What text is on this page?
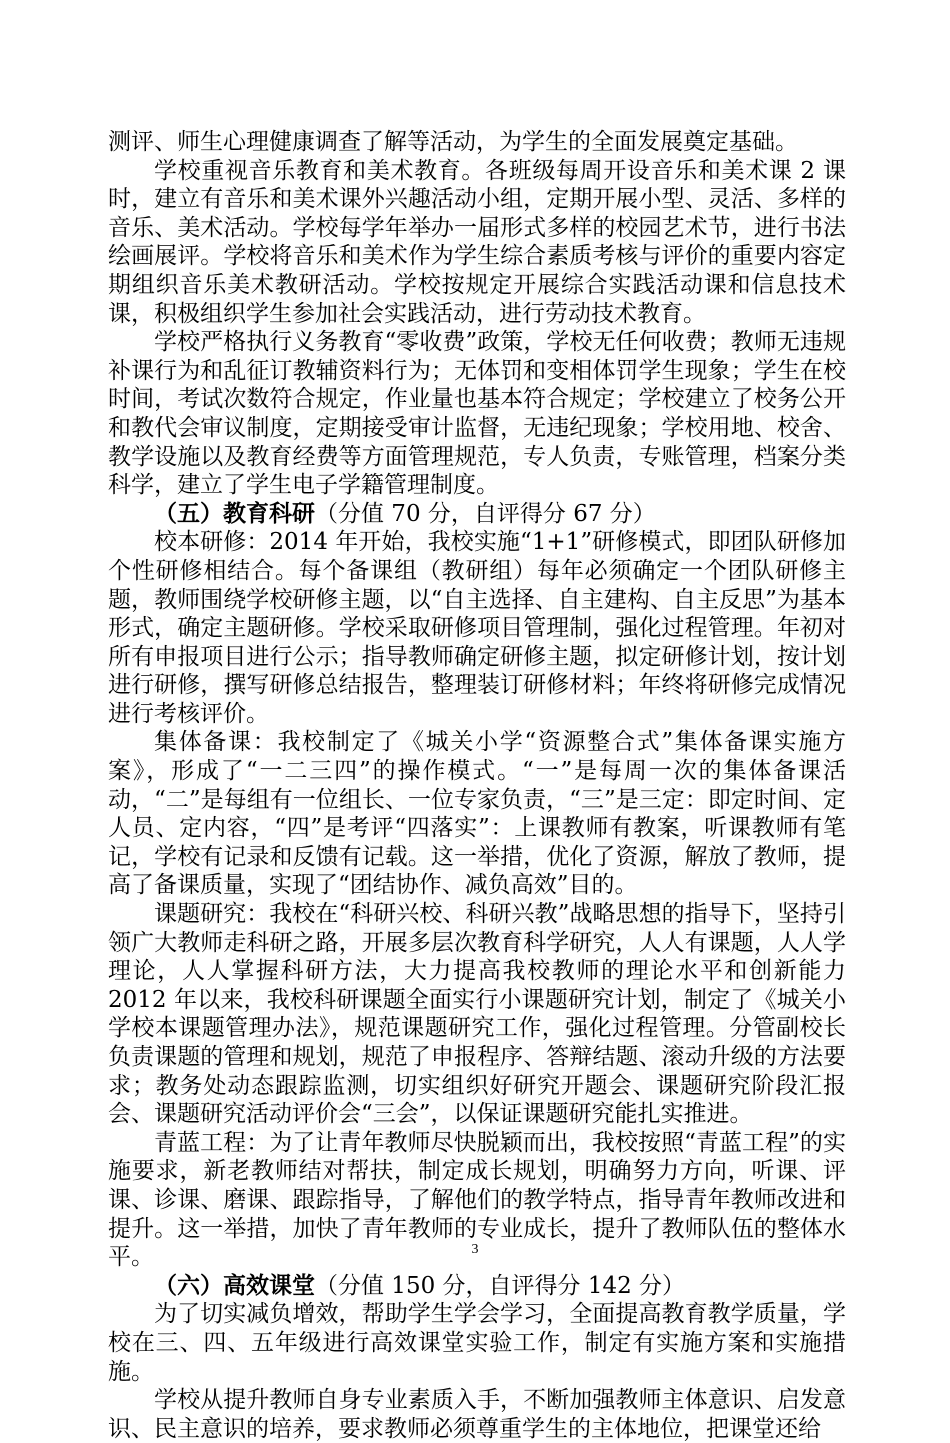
测评、师生心理健康调查了解等活动，为学生的全面发展奠定基础。

学校重视音乐教育和美术教育。各班级每周开设音乐和美术课 2 课时，建立有音乐和美术课外兴趣活动小组，定期开展小型、灵活、多样的音乐、美术活动。学校每学年举办一届形式多样的校园艺术节，进行书法绘画展评。学校将音乐和美术作为学生综合素质考核与评价的重要内容定期组织音乐美术教研活动。学校按规定开展综合实践活动课和信息技术课，积极组织学生参加社会实践活动，进行劳动技术教育。

学校严格执行义务教育“零收费”政策，学校无任何收费；教师无违规补课行为和乱征订教辅资料行为；无体罚和变相体罚学生现象；学生在校时间，考试次数符合规定，作业量也基本符合规定；学校建立了校务公开和教代会审议制度，定期接受审计监督，无违纪现象；学校用地、校舍、教学设施以及教育经费等方面管理规范，专人负责，专账管理，档案分类科学，建立了学生电子学籍管理制度。

（五）教育科研（分值 70 分，自评得分 67 分）

校本研修：2014 年开始，我校实施“1+1”研修模式，即团队研修加个性研修相结合。每个备课组（教研组）每年必须确定一个团队研修主题，教师围绕学校研修主题，以“自主选择、自主建构、自主反思”为基本形式，确定主题研修。学校采取研修项目管理制，强化过程管理。年初对所有申报项目进行公示；指导教师确定研修主题，拟定研修计划，按计划进行研修，撰写研修总结报告，整理装订研修材料；年终将研修完成情况进行考核评价。

集体备课：我校制定了《城关小学“资源整合式”集体备课实施方案》，形成了“一二三四”的操作模式。“一”是每周一次的集体备课活动，“二”是每组有一位组长、一位专家负责，“三”是三定：即定时间、定人员、定内容，“四”是考评“四落实”：上课教师有教案，听课教师有笔记，学校有记录和反馈有记载。这一举措，优化了资源，解放了教师，提高了备课质量，实现了“团结协作、减负高效”目的。

课题研究：我校在“科研兴校、科研兴教”战略思想的指导下，坚持引领广大教师走科研之路，开展多层次教育科学研究，人人有课题，人人学理论，人人掌握科研方法，大力提高我校教师的理论水平和创新能力2012 年以来，我校科研课题全面实行小课题研究计划，制定了《城关小学校本课题管理办法》，规范课题研究工作，强化过程管理。分管副校长负责课题的管理和规划，规范了申报程序、答辩结题、滚动升级的方法要求；教务处动态跟踪监测，切实组织好研究开题会、课题研究阶段汇报会、课题研究活动评价会“三会”，以保证课题研究能扎实推进。

青蓝工程：为了让青年教师尽快脱颖而出，我校按照“青蓝工程”的实施要求，新老教师结对帮扶，制定成长规划，明确努力方向，听课、评课、诊课、磨课、跟踪指导，了解他们的教学特点，指导青年教师改进和提升。这一举措，加快了青年教师的专业成长，提升了教师队伍的整体水平。

（六）高效课堂（分值 150 分，自评得分 142 分）

为了切实减负增效，帮助学生学会学习，全面提高教育教学质量，学校在三、四、五年级进行高效课堂实验工作，制定有实施方案和实施措施。

学校从提升教师自身专业素质入手，不断加强教师主体意识、启发意识、民主意识的培养，要求教师必须尊重学生的主体地位，把课堂还给

3
